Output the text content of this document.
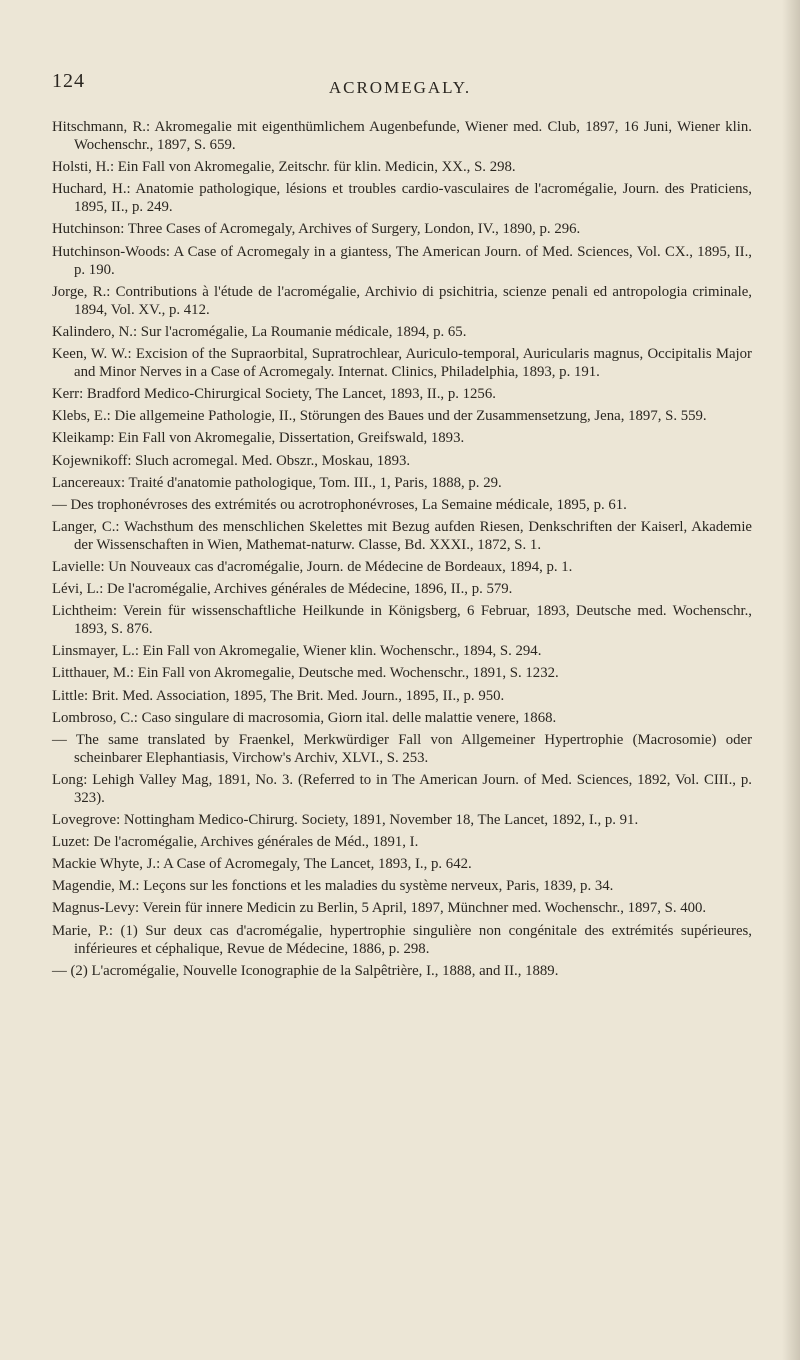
124	ACROMEGALY.

Hitschmann, R.: Akromegalie mit eigenthümlichem Augenbefunde, Wiener med. Club, 1897, 16 Juni, Wiener klin. Wochenschr., 1897, S. 659.

Holsti, H.: Ein Fall von Akromegalie, Zeitschr. für klin. Medicin, XX., S. 298.

Huchard, H.: Anatomie pathologique, lésions et troubles cardio-vasculaires de l'acromégalie, Journ. des Praticiens, 1895, II., p. 249.

Hutchinson: Three Cases of Acromegaly, Archives of Surgery, London, IV., 1890, p. 296.

Hutchinson-Woods: A Case of Acromegaly in a giantess, The American Journ. of Med. Sciences, Vol. CX., 1895, II., p. 190.

Jorge, R.: Contributions à l'étude de l'acromégalie, Archivio di psichitria, scienze penali ed antropologia criminale, 1894, Vol. XV., p. 412.

Kalindero, N.: Sur l'acromégalie, La Roumanie médicale, 1894, p. 65.

Keen, W. W.: Excision of the Supraorbital, Supratrochlear, Auriculo-temporal, Auricularis magnus, Occipitalis Major and Minor Nerves in a Case of Acromegaly. Internat. Clinics, Philadelphia, 1893, p. 191.

Kerr: Bradford Medico-Chirurgical Society, The Lancet, 1893, II., p. 1256.

Klebs, E.: Die allgemeine Pathologie, II., Störungen des Baues und der Zusammensetzung, Jena, 1897, S. 559.

Kleikamp: Ein Fall von Akromegalie, Dissertation, Greifswald, 1893.

Kojewnikoff: Sluch acromegal. Med. Obszr., Moskau, 1893.

Lancereaux: Traité d'anatomie pathologique, Tom. III., 1, Paris, 1888, p. 29.

— Des trophonévroses des extrémités ou acrotrophonévroses, La Semaine médicale, 1895, p. 61.

Langer, C.: Wachsthum des menschlichen Skelettes mit Bezug aufden Riesen, Denkschriften der Kaiserl, Akademie der Wissenschaften in Wien, Mathemat-naturw. Classe, Bd. XXXI., 1872, S. 1.

Lavielle: Un Nouveaux cas d'acromégalie, Journ. de Médecine de Bordeaux, 1894, p. 1.

Lévi, L.: De l'acromégalie, Archives générales de Médecine, 1896, II., p. 579.

Lichtheim: Verein für wissenschaftliche Heilkunde in Königsberg, 6 Februar, 1893, Deutsche med. Wochenschr., 1893, S. 876.

Linsmayer, L.: Ein Fall von Akromegalie, Wiener klin. Wochenschr., 1894, S. 294.

Litthauer, M.: Ein Fall von Akromegalie, Deutsche med. Wochenschr., 1891, S. 1232.

Little: Brit. Med. Association, 1895, The Brit. Med. Journ., 1895, II., p. 950.

Lombroso, C.: Caso singulare di macrosomia, Giorn ital. delle malattie venere, 1868.

— The same translated by Fraenkel, Merkwürdiger Fall von Allgemeiner Hypertrophie (Macrosomie) oder scheinbarer Elephantiasis, Virchow's Archiv, XLVI., S. 253.

Long: Lehigh Valley Mag, 1891, No. 3. (Referred to in The American Journ. of Med. Sciences, 1892, Vol. CIII., p. 323).

Lovegrove: Nottingham Medico-Chirurg. Society, 1891, November 18, The Lancet, 1892, I., p. 91.

Luzet: De l'acromégalie, Archives générales de Méd., 1891, I.

Mackie Whyte, J.: A Case of Acromegaly, The Lancet, 1893, I., p. 642.

Magendie, M.: Leçons sur les fonctions et les maladies du système nerveux, Paris, 1839, p. 34.

Magnus-Levy: Verein für innere Medicin zu Berlin, 5 April, 1897, Münchner med. Wochenschr., 1897, S. 400.

Marie, P.: (1) Sur deux cas d'acromégalie, hypertrophie singulière non congénitale des extrémités supérieures, inférieures et céphalique, Revue de Médecine, 1886, p. 298.

— (2) L'acromégalie, Nouvelle Iconographie de la Salpêtrière, I., 1888, and II., 1889.
